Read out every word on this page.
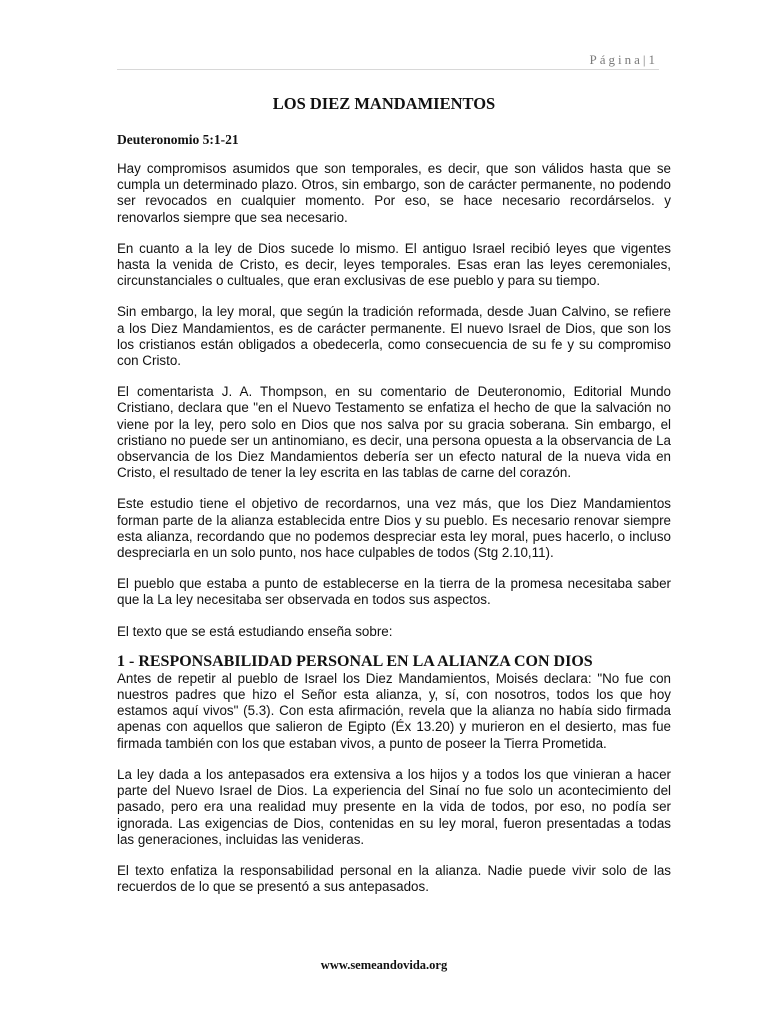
Página|1
LOS DIEZ MANDAMIENTOS
Deuteronomio 5:1-21

Hay compromisos asumidos que son temporales, es decir, que son válidos hasta que se cumpla un determinado plazo. Otros, sin embargo, son de carácter permanente, no podendo ser revocados en cualquier momento. Por eso, se hace necesario recordárselos. y renovarlos siempre que sea necesario.

En cuanto a la ley de Dios sucede lo mismo. El antiguo Israel recibió leyes que vigentes hasta la venida de Cristo, es decir, leyes temporales. Esas eran las leyes ceremoniales, circunstanciales o cultuales, que eran exclusivas de ese pueblo y para su tiempo.

Sin embargo, la ley moral, que según la tradición reformada, desde Juan Calvino, se refiere a los Diez Mandamientos, es de carácter permanente. El nuevo Israel de Dios, que son los los cristianos están obligados a obedecerla, como consecuencia de su fe y su compromiso con Cristo.

El comentarista J. A. Thompson, en su comentario de Deuteronomio, Editorial Mundo Cristiano, declara que "en el Nuevo Testamento se enfatiza el hecho de que la salvación no viene por la ley, pero solo en Dios que nos salva por su gracia soberana. Sin embargo, el cristiano no puede ser un antinomiano, es decir, una persona opuesta a la observancia de La observancia de los Diez Mandamientos debería ser un efecto natural de la nueva vida en Cristo, el resultado de tener la ley escrita en las tablas de carne del corazón.

Este estudio tiene el objetivo de recordarnos, una vez más, que los Diez Mandamientos forman parte de la alianza establecida entre Dios y su pueblo. Es necesario renovar siempre esta alianza, recordando que no podemos despreciar esta ley moral, pues hacerlo, o incluso despreciarla en un solo punto, nos hace culpables de todos (Stg 2.10,11).

El pueblo que estaba a punto de establecerse en la tierra de la promesa necesitaba saber que la La ley necesitaba ser observada en todos sus aspectos.

El texto que se está estudiando enseña sobre:

1 - RESPONSABILIDAD PERSONAL EN LA ALIANZA CON DIOS

Antes de repetir al pueblo de Israel los Diez Mandamientos, Moisés declara: "No fue con nuestros padres que hizo el Señor esta alianza, y, sí, con nosotros, todos los que hoy estamos aquí vivos" (5.3). Con esta afirmación, revela que la alianza no había sido firmada apenas con aquellos que salieron de Egipto (Éx 13.20) y murieron en el desierto, mas fue firmada también con los que estaban vivos, a punto de poseer la Tierra Prometida.

La ley dada a los antepasados era extensiva a los hijos y a todos los que vinieran a hacer parte del Nuevo Israel de Dios. La experiencia del Sinaí no fue solo un acontecimiento del pasado, pero era una realidad muy presente en la vida de todos, por eso, no podía ser ignorada. Las exigencias de Dios, contenidas en su ley moral, fueron presentadas a todas las generaciones, incluidas las venideras.

El texto enfatiza la responsabilidad personal en la alianza. Nadie puede vivir solo de las recuerdos de lo que se presentó a sus antepasados.

www.semeandovida.org
